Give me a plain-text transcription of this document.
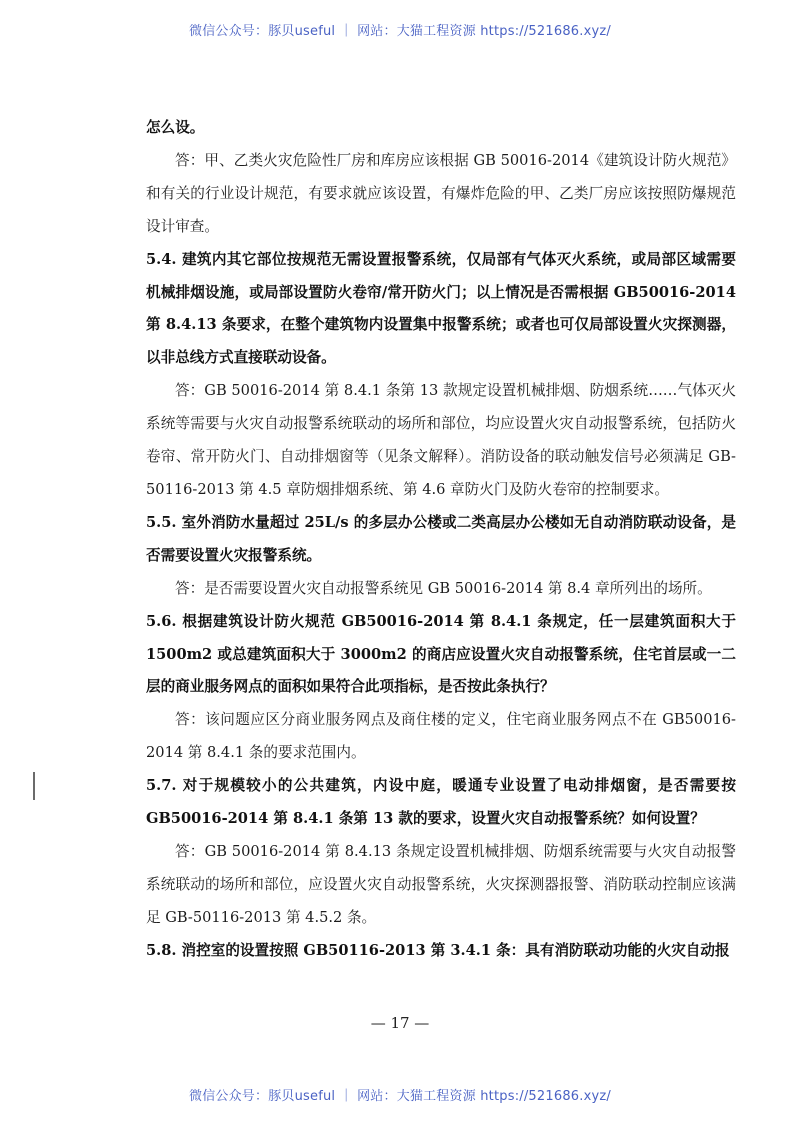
微信公众号：豚贝useful ｜ 网站：大猫工程资源 https://521686.xyz/

怎么设。

答：甲、乙类火灾危险性厂房和库房应该根据 GB 50016-2014《建筑设计防火规范》和有关的行业设计规范，有要求就应该设置，有爆炸危险的甲、乙类厂房应该按照防爆规范设计审查。

5.4. 建筑内其它部位按规范无需设置报警系统，仅局部有气体灭火系统，或局部区域需要机械排烟设施，或局部设置防火卷帘/常开防火门；以上情况是否需根据 GB50016-2014 第 8.4.13 条要求，在整个建筑物内设置集中报警系统；或者也可仅局部设置火灾探测器，以非总线方式直接联动设备。

答：GB 50016-2014 第 8.4.1 条第 13 款规定设置机械排烟、防烟系统……气体灭火系统等需要与火灾自动报警系统联动的场所和部位，均应设置火灾自动报警系统，包括防火卷帘、常开防火门、自动排烟窗等（见条文解释）。消防设备的联动触发信号必须满足 GB-50116-2013 第 4.5 章防烟排烟系统、第 4.6 章防火门及防火卷帘的控制要求。

5.5. 室外消防水量超过 25L/s 的多层办公楼或二类高层办公楼如无自动消防联动设备，是否需要设置火灾报警系统。

答：是否需要设置火灾自动报警系统见 GB 50016-2014 第 8.4 章所列出的场所。

5.6. 根据建筑设计防火规范 GB50016-2014 第 8.4.1 条规定，任一层建筑面积大于 1500m2 或总建筑面积大于 3000m2 的商店应设置火灾自动报警系统，住宅首层或一二层的商业服务网点的面积如果符合此项指标，是否按此条执行？

答：该问题应区分商业服务网点及商住楼的定义，住宅商业服务网点不在 GB50016-2014 第 8.4.1 条的要求范围内。

5.7. 对于规模较小的公共建筑，内设中庭，暖通专业设置了电动排烟窗，是否需要按 GB50016-2014 第 8.4.1 条第 13 款的要求，设置火灾自动报警系统？如何设置？

答：GB 50016-2014 第 8.4.13 条规定设置机械排烟、防烟系统需要与火灾自动报警系统联动的场所和部位，应设置火灾自动报警系统，火灾探测器报警、消防联动控制应该满足 GB-50116-2013 第 4.5.2 条。

5.8. 消控室的设置按照 GB50116-2013 第 3.4.1 条：具有消防联动功能的火灾自动报

— 17 —
微信公众号：豚贝useful ｜ 网站：大猫工程资源 https://521686.xyz/
